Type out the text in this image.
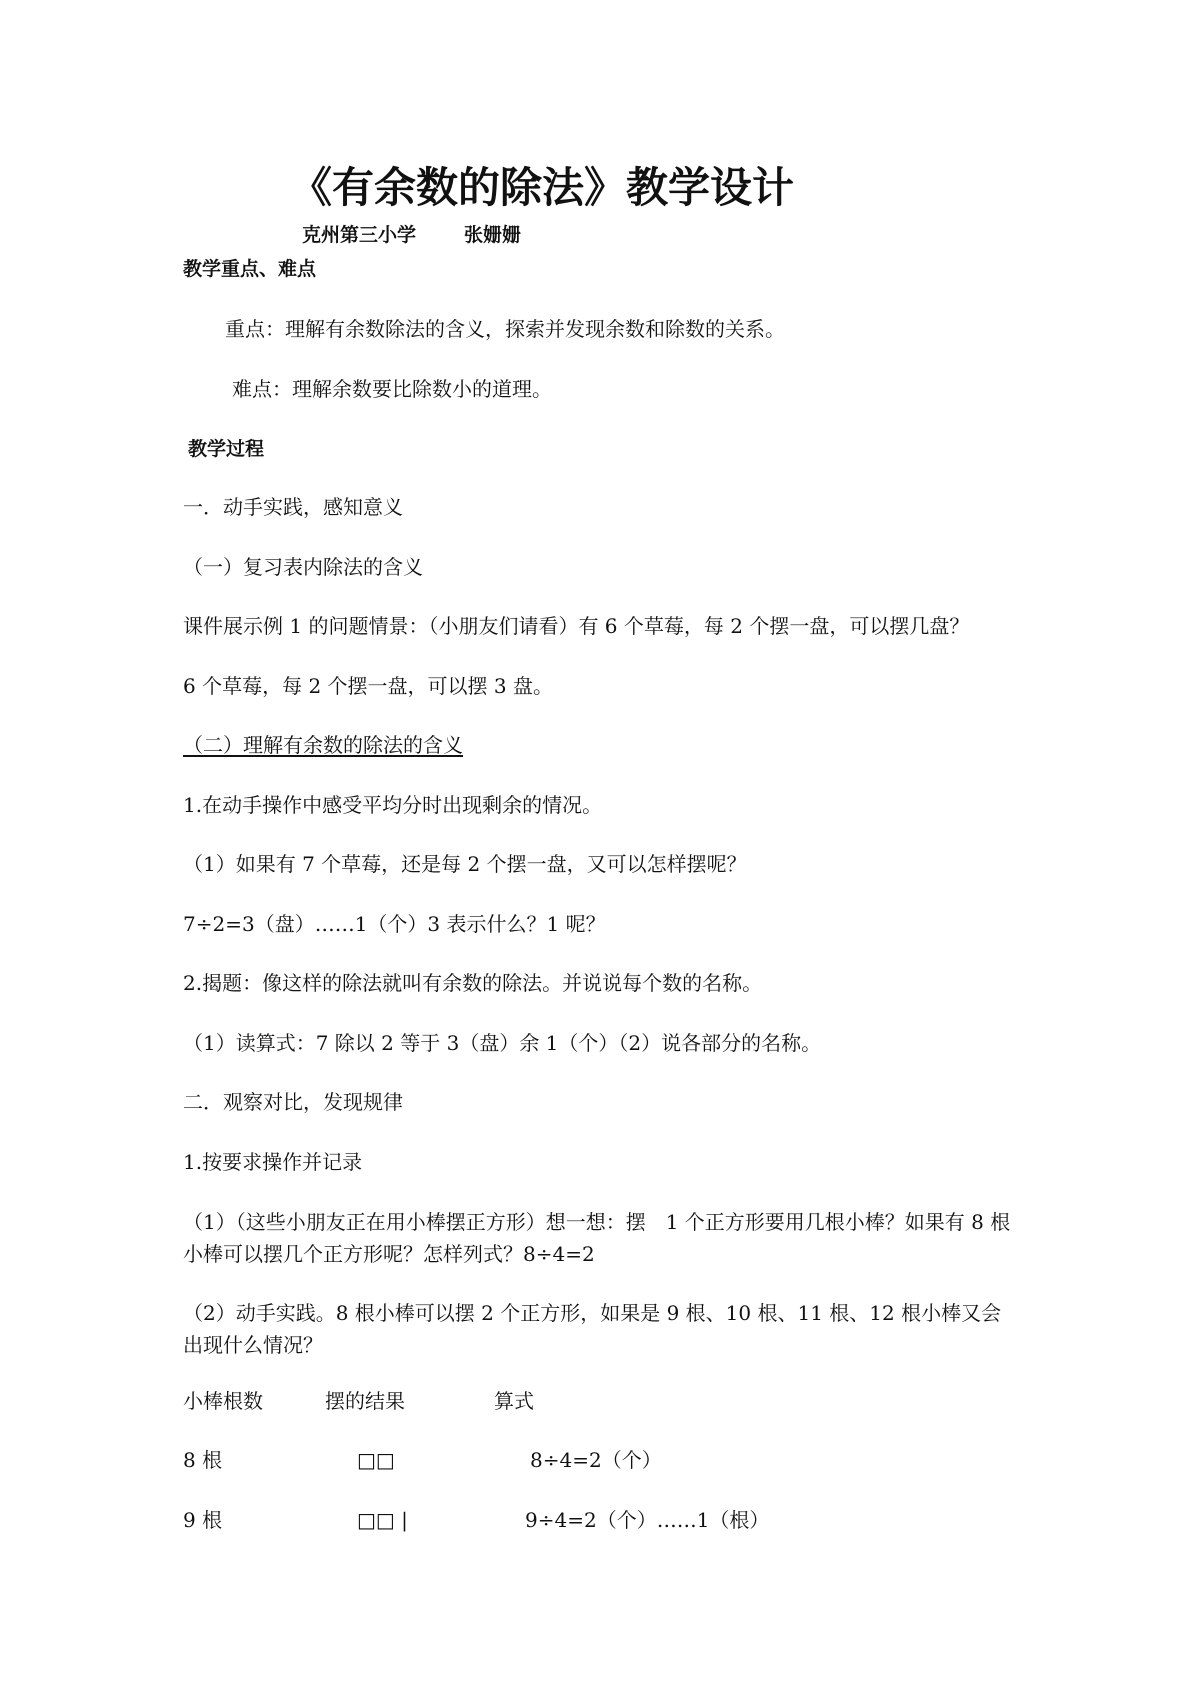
《有余数的除法》教学设计
克州第三小学	张姗姗
教学重点、难点
重点：理解有余数除法的含义，探索并发现余数和除数的关系。
难点：理解余数要比除数小的道理。
教学过程
一．动手实践，感知意义
（一）复习表内除法的含义
课件展示例 1 的问题情景：（小朋友们请看）有 6 个草莓，每 2 个摆一盘，可以摆几盘？
6 个草莓，每 2 个摆一盘，可以摆 3 盘。
（二）理解有余数的除法的含义
1.在动手操作中感受平均分时出现剩余的情况。
（1）如果有 7 个草莓，还是每 2 个摆一盘，又可以怎样摆呢？
7÷2=3（盘）……1（个）3 表示什么？1 呢？
2.揭题：像这样的除法就叫有余数的除法。并说说每个数的名称。
（1）读算式：7 除以 2 等于 3（盘）余 1（个）（2）说各部分的名称。
二．观察对比，发现规律
1.按要求操作并记录
（1）（这些小朋友正在用小棒摆正方形）想一想：摆　1 个正方形要用几根小棒？如果有 8 根小棒可以摆几个正方形呢？怎样列式？8÷4=2
（2）动手实践。8 根小棒可以摆 2 个正方形，如果是 9 根、10 根、11 根、12 根小棒又会出现什么情况？
小棒根数	摆的结果	算式
8 根	□□	8÷4=2（个）
9 根	□□ |	9÷4=2（个）……1（根）
